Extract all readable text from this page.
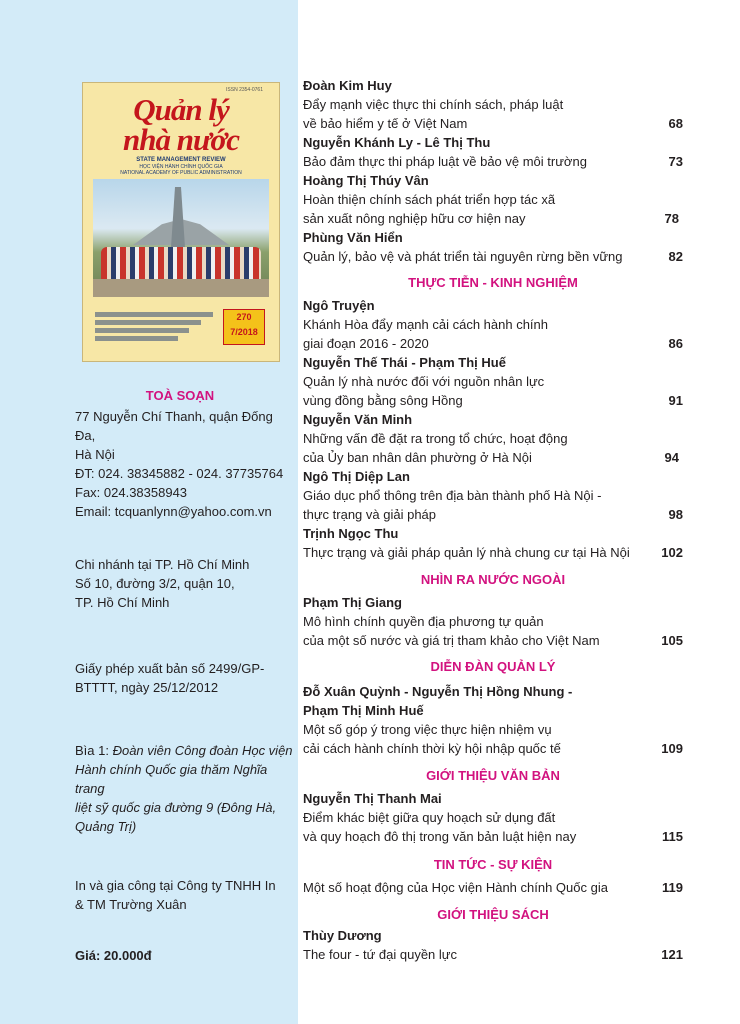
ISSN 2354-0761
Quản lý
nhà nước
STATE MANAGEMENT REVIEW
HỌC VIỆN HÀNH CHÍNH QUỐC GIA
NATIONAL ACADEMY OF PUBLIC ADMINISTRATION
270
7/2018
TOÀ SOẠN
77 Nguyễn Chí Thanh, quận Đống Đa,
Hà Nội
ĐT: 024. 38345882 - 024. 37735764
Fax: 024.38358943
Email: tcquanlynn@yahoo.com.vn
Chi nhánh tại TP. Hồ Chí Minh
Số 10, đường 3/2, quận 10,
TP. Hồ Chí Minh
Giấy phép xuất bản số 2499/GP-
BTTTT, ngày 25/12/2012
Bìa 1: Đoàn viên Công đoàn Học viện
Hành chính Quốc gia thăm Nghĩa trang
liệt sỹ quốc gia đường 9 (Đông Hà,
Quảng Trị)
In và gia công tại Công ty TNHH In
& TM Trường Xuân
Giá: 20.000đ
Đoàn Kim Huy
Đẩy mạnh việc thực thi chính sách, pháp luật
về bảo hiểm y tế ở Việt Nam	68
Nguyễn Khánh Ly - Lê Thị Thu
Bảo đảm thực thi pháp luật về bảo vệ môi trường	73
Hoàng Thị Thúy Vân
Hoàn thiện chính sách phát triển hợp tác xã
sản xuất nông nghiệp hữu cơ hiện nay	78
Phùng Văn Hiển
Quản lý, bảo vệ và phát triển tài nguyên rừng bền vững	82
THỰC TIỄN - KINH NGHIỆM
Ngô Truyện
Khánh Hòa đẩy mạnh cải cách hành chính
giai đoạn 2016 - 2020	86
Nguyễn Thế Thái - Phạm Thị Huế
Quản lý nhà nước đối với nguồn nhân lực
vùng đồng bằng sông Hồng	91
Nguyễn Văn Minh
Những vấn đề đặt ra trong tổ chức, hoạt động
của Ủy ban nhân dân phường ở Hà Nội	94
Ngô Thị Diệp Lan
Giáo dục phổ thông trên địa bàn thành phố Hà Nội -
thực trạng và giải pháp	98
Trịnh Ngọc Thu
Thực trạng và giải pháp quản lý nhà chung cư tại Hà Nội 102
NHÌN RA NƯỚC NGOÀI
Phạm Thị Giang
Mô hình chính quyền địa phương tự quản
của một số nước và giá trị tham khảo cho Việt Nam	105
DIỄN ĐÀN QUẢN LÝ
Đỗ Xuân Quỳnh - Nguyễn Thị Hồng Nhung -
Phạm Thị Minh Huế
Một số góp ý trong việc thực hiện nhiệm vụ
cải cách hành chính thời kỳ hội nhập quốc tế	109
GIỚI THIỆU VĂN BẢN
Nguyễn Thị Thanh Mai
Điểm khác biệt giữa quy hoạch sử dụng đất
và quy hoạch đô thị trong văn bản luật hiện nay	115
TIN TỨC - SỰ KIỆN
Một số hoạt động của Học viện Hành chính Quốc gia	119
GIỚI THIỆU SÁCH
Thùy Dương
The four - tứ đại quyền lực	121
